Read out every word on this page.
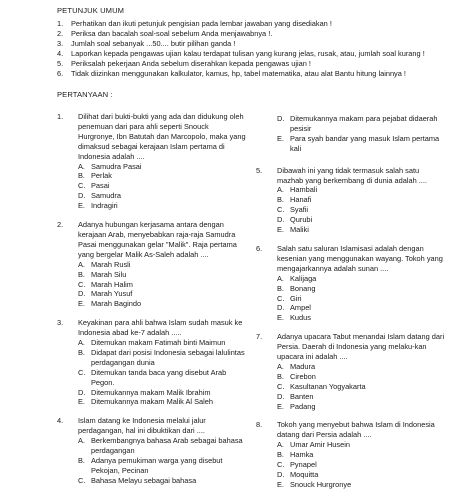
PETUNJUK UMUM
1.	Perhatikan dan ikuti petunjuk pengisian pada lembar jawaban yang disediakan !
2.	Periksa dan bacalah soal-soal sebelum Anda menjawabnya !.
3.	Jumlah soal sebanyak ...50.... butir pilihan ganda !
4.	Laporkan kepada pengawas ujian kalau terdapat tulisan yang kurang jelas, rusak, atau, jumlah soal kurang !
5.	Periksalah pekerjaan Anda sebelum diserahkan kepada pengawas ujian !
6.	Tidak diizinkan menggunakan kalkulator, kamus, hp, tabel matematika, atau alat Bantu hitung lainnya !
PERTANYAAN :
1.	Dilihat dari bukti-bukti yang ada dan didukung oleh penemuan dari para ahli seperti Snouck Hurgronye, Ibn Batutah dan Marcopolo, maka yang dimaksud sebagai kerajaan Islam pertama di Indonesia adalah ....
A. Samudra Pasai
B. Perlak
C. Pasai
D. Samudra
E. Indragiri
2.	Adanya hubungan kerjasama antara dengan kerajaan Arab, menyebabkan raja-raja Samudra Pasai menggunakan gelar "Malik". Raja pertama yang bergelar Malik As-Saleh adalah ....
A. Marah Rusli
B. Marah Silu
C. Marah Halim
D. Marah Yusuf
E. Marah Bagindo
3.	Keyakinan para ahli bahwa Islam sudah masuk ke Indonesia abad ke-7 adalah .....
A. Ditemukan makam Fatimah binti Maimun
B. Didapat dari posisi Indonesia sebagai lalulintas perdagangan dunia
C. Ditemukan tanda baca yang disebut Arab Pegon.
D. Ditemukannya makam Malik Ibrahim
E. Ditemukannya makam Malik Al Saleh
4.	Islam datang ke Indonesia melalui jalur perdagangan, hal ini dibuktikan dari ....
A. Berkembangnya bahasa Arab sebagai bahasa perdagangan
B. Adanya pemukiman warga yang disebut Pekojan, Pecinan
C. Bahasa Melayu sebagai bahasa
D. Ditemukannya makam para pejabat didaerah pesisir
E. Para syah bandar yang masuk Islam pertama kali
5.	Dibawah ini yang tidak termasuk salah satu mazhab yang berkembang di dunia adalah ....
A. Hambali
B. Hanafi
C. Syafii
D. Qurubi
E. Maliki
6.	Salah satu saluran Islamisasi adalah dengan kesenian yang menggunakan wayang. Tokoh yang mengajarkannya adalah sunan ....
A. Kalijaga
B. Bonang
C. Giri
D. Ampel
E. Kudus
7.	Adanya upacara Tabut menandai Islam datang dari Persia. Daerah di Indonesia yang melaku-kan upacara ini adalah ....
A. Madura
B. Cirebon
C. Kasultanan Yogyakarta
D. Banten
E. Padang
8.	Tokoh yang menyebut bahwa Islam di Indonesia datang dari Persia adalah ....
A. Umar Amir Husein
B. Hamka
C. Pynapel
D. Moquitta
E. Snouck Hurgronye
